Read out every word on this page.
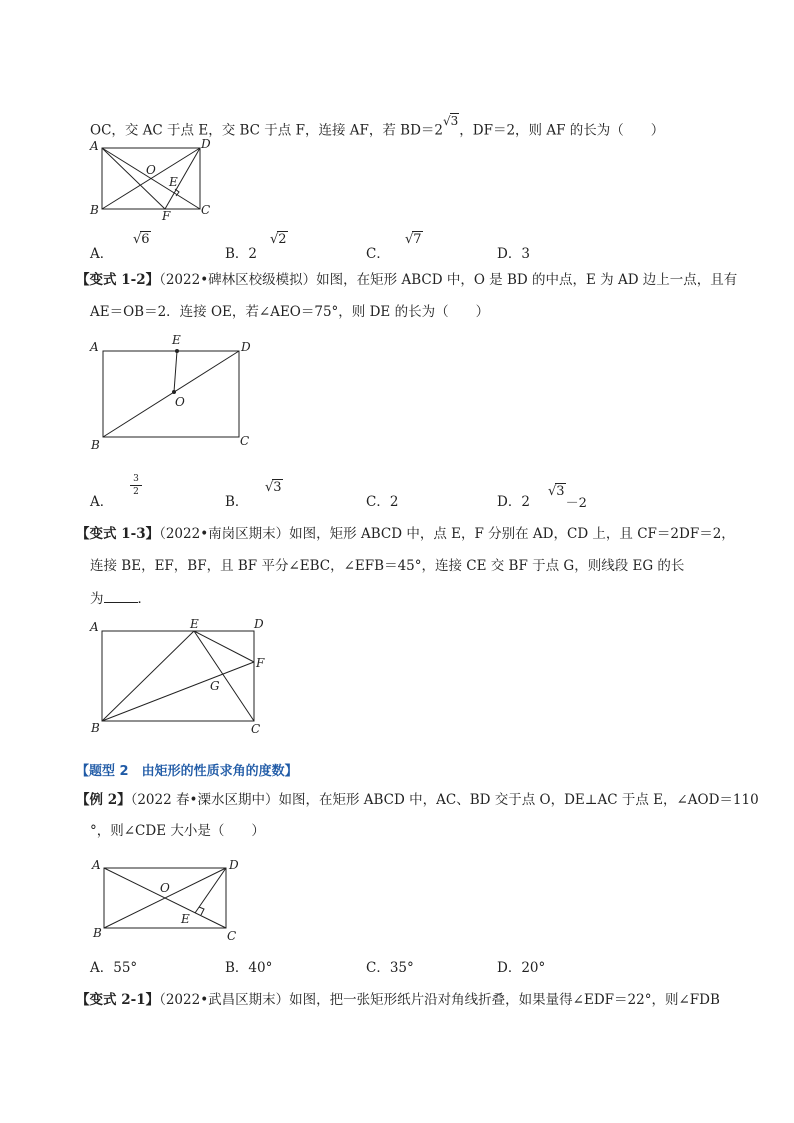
OC，交 AC 于点 E，交 BC 于点 F，连接 AF，若 $BD=2^{√3}$，DF＝2，则 AF 的长为（　　）
A	D
O
E
B	F	C
A．
√6
B．2
√2
C．
√7
D．3
【变式 1-2】（2022•碑林区校级模拟）如图，在矩形 ABCD 中，O 是 BD 的中点，E 为 AD 边上一点，且有
AE＝OB＝2．连接 OE，若∠AEO＝75°，则 DE 的长为（　　）
A	E	D
O
B	C
A．
3
2
B．
√3
C．2	D．2
√3－2
【变式 1-3】（2022•南岗区期末）如图，矩形 ABCD 中，点 E，F 分别在 AD，CD 上，且 CF＝2DF＝2，
连接 BE，EF，BF，且 BF 平分∠EBC，∠EFB＝45°，连接 CE 交 BF 于点 G，则线段 EG 的长
为	．
A	E	D
F
G
B	C
【题型 2　由矩形的性质求角的度数】
【例 2】（2022 春•溧水区期中）如图，在矩形 ABCD 中，AC、BD 交于点 O，DE⊥AC 于点 E，∠AOD＝110
°，则∠CDE 大小是（　　）
A	D
O
E
B	C
A．55°	B．40°	C．35°	D．20°
【变式 2-1】（2022•武昌区期末）如图，把一张矩形纸片沿对角线折叠，如果量得∠EDF＝22°，则∠FDB
